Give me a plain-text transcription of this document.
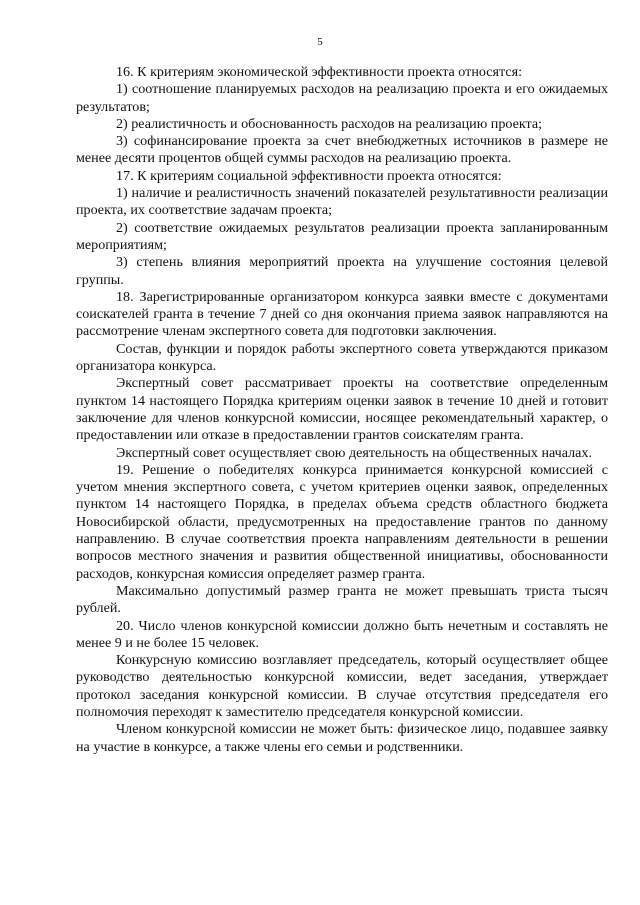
5

16. К критериям экономической эффективности проекта относятся:

1) соотношение планируемых расходов на реализацию проекта и его ожидаемых результатов;

2) реалистичность и обоснованность расходов на реализацию проекта;

3) софинансирование проекта за счет внебюджетных источников в размере не менее десяти процентов общей суммы расходов на реализацию проекта.

17. К критериям социальной эффективности проекта относятся:

1) наличие и реалистичность значений показателей результативности реализации проекта, их соответствие задачам проекта;

2) соответствие ожидаемых результатов реализации проекта запланированным мероприятиям;

3) степень влияния мероприятий проекта на улучшение состояния целевой группы.

18. Зарегистрированные организатором конкурса заявки вместе с документами соискателей гранта в течение 7 дней со дня окончания приема заявок направляются на рассмотрение членам экспертного совета для подготовки заключения.

Состав, функции и порядок работы экспертного совета утверждаются приказом организатора конкурса.

Экспертный совет рассматривает проекты на соответствие определенным пунктом 14 настоящего Порядка критериям оценки заявок в течение 10 дней и готовит заключение для членов конкурсной комиссии, носящее рекомендательный характер, о предоставлении или отказе в предоставлении грантов соискателям гранта.

Экспертный совет осуществляет свою деятельность на общественных началах.

19. Решение о победителях конкурса принимается конкурсной комиссией с учетом мнения экспертного совета, с учетом критериев оценки заявок, определенных пунктом 14 настоящего Порядка, в пределах объема средств областного бюджета Новосибирской области, предусмотренных на предоставление грантов по данному направлению. В случае соответствия проекта направлениям деятельности в решении вопросов местного значения и развития общественной инициативы, обоснованности расходов, конкурсная комиссия определяет размер гранта.

Максимально допустимый размер гранта не может превышать триста тысяч рублей.

20. Число членов конкурсной комиссии должно быть нечетным и составлять не менее 9 и не более 15 человек.

Конкурсную комиссию возглавляет председатель, который осуществляет общее руководство деятельностью конкурсной комиссии, ведет заседания, утверждает протокол заседания конкурсной комиссии. В случае отсутствия председателя его полномочия переходят к заместителю председателя конкурсной комиссии.

Членом конкурсной комиссии не может быть: физическое лицо, подавшее заявку на участие в конкурсе, а также члены его семьи и родственники.
